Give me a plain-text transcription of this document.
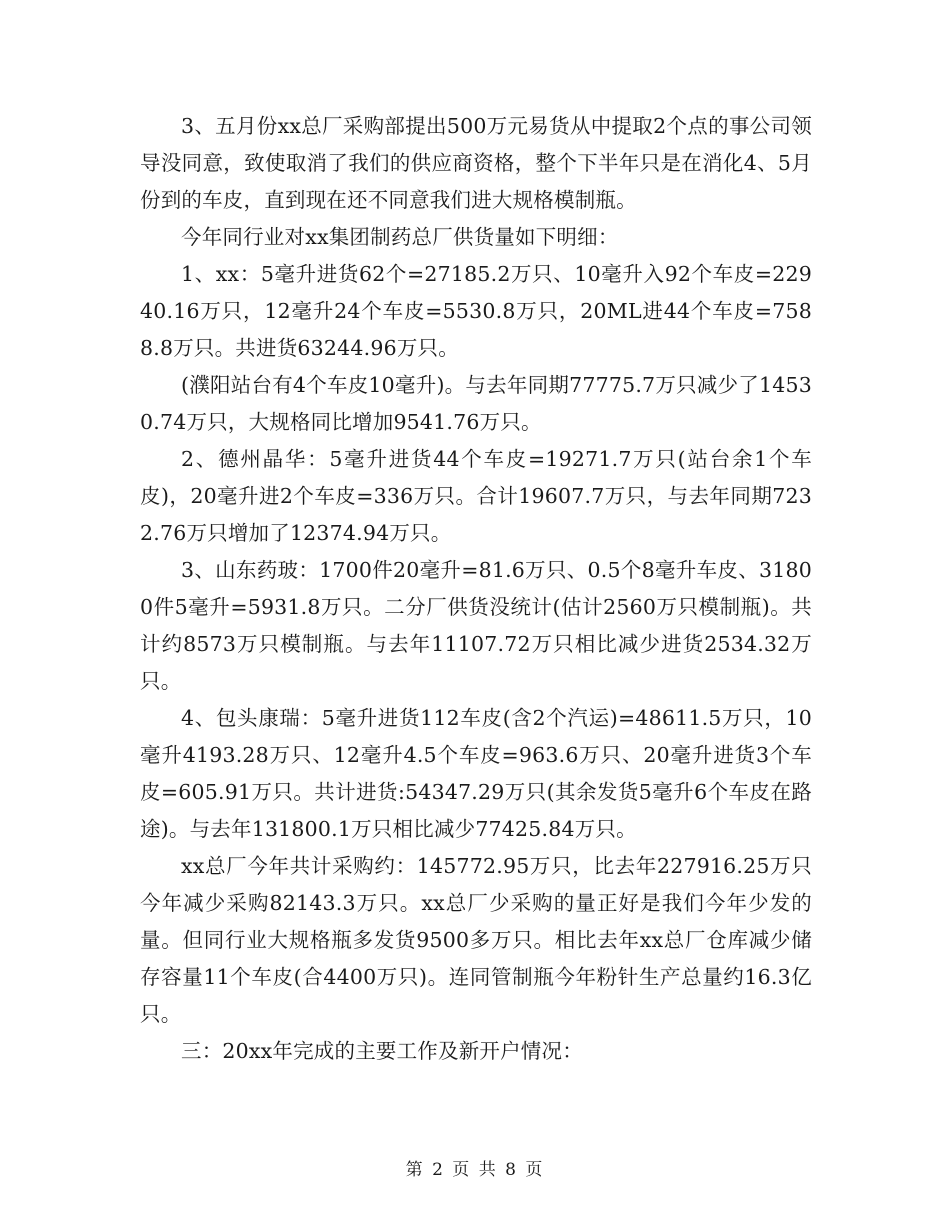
3、五月份xx总厂采购部提出500万元易货从中提取2个点的事公司领导没同意，致使取消了我们的供应商资格，整个下半年只是在消化4、5月份到的车皮，直到现在还不同意我们进大规格模制瓶。

今年同行业对xx集团制药总厂供货量如下明细：

1、xx：5毫升进货62个=27185.2万只、10毫升入92个车皮=22940.16万只，12毫升24个车皮=5530.8万只，20ML进44个车皮=7588.8万只。共进货63244.96万只。

(濮阳站台有4个车皮10毫升)。与去年同期77775.7万只减少了14530.74万只，大规格同比增加9541.76万只。

2、德州晶华：5毫升进货44个车皮=19271.7万只(站台余1个车皮)，20毫升进2个车皮=336万只。合计19607.7万只，与去年同期7232.76万只增加了12374.94万只。

3、山东药玻：1700件20毫升=81.6万只、0.5个8毫升车皮、31800件5毫升=5931.8万只。二分厂供货没统计(估计2560万只模制瓶)。共计约8573万只模制瓶。与去年11107.72万只相比减少进货2534.32万只。

4、包头康瑞：5毫升进货112车皮(含2个汽运)=48611.5万只，10毫升4193.28万只、12毫升4.5个车皮=963.6万只、20毫升进货3个车皮=605.91万只。共计进货:54347.29万只(其余发货5毫升6个车皮在路途)。与去年131800.1万只相比减少77425.84万只。

xx总厂今年共计采购约：145772.95万只，比去年227916.25万只今年减少采购82143.3万只。xx总厂少采购的量正好是我们今年少发的量。但同行业大规格瓶多发货9500多万只。相比去年xx总厂仓库减少储存容量11个车皮(合4400万只)。连同管制瓶今年粉针生产总量约16.3亿只。

三：20xx年完成的主要工作及新开户情况：

第 2 页 共 8 页
